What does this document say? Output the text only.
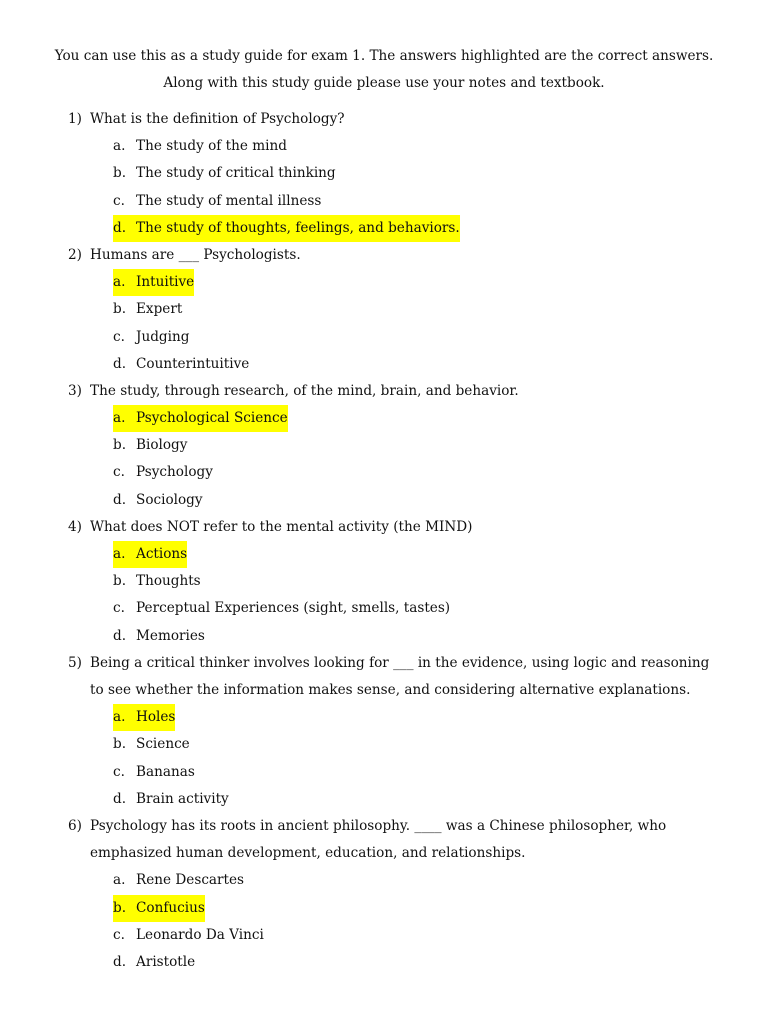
You can use this as a study guide for exam 1. The answers highlighted are the correct answers. Along with this study guide please use your notes and textbook.
1) What is the definition of Psychology?
a. The study of the mind
b. The study of critical thinking
c. The study of mental illness
d. The study of thoughts, feelings, and behaviors.
2) Humans are ___ Psychologists.
a. Intuitive
b. Expert
c. Judging
d. Counterintuitive
3) The study, through research, of the mind, brain, and behavior.
a. Psychological Science
b. Biology
c. Psychology
d. Sociology
4) What does NOT refer to the mental activity (the MIND)
a. Actions
b. Thoughts
c. Perceptual Experiences (sight, smells, tastes)
d. Memories
5) Being a critical thinker involves looking for ___ in the evidence, using logic and reasoning to see whether the information makes sense, and considering alternative explanations.
a. Holes
b. Science
c. Bananas
d. Brain activity
6) Psychology has its roots in ancient philosophy. ____ was a Chinese philosopher, who emphasized human development, education, and relationships.
a. Rene Descartes
b. Confucius
c. Leonardo Da Vinci
d. Aristotle
